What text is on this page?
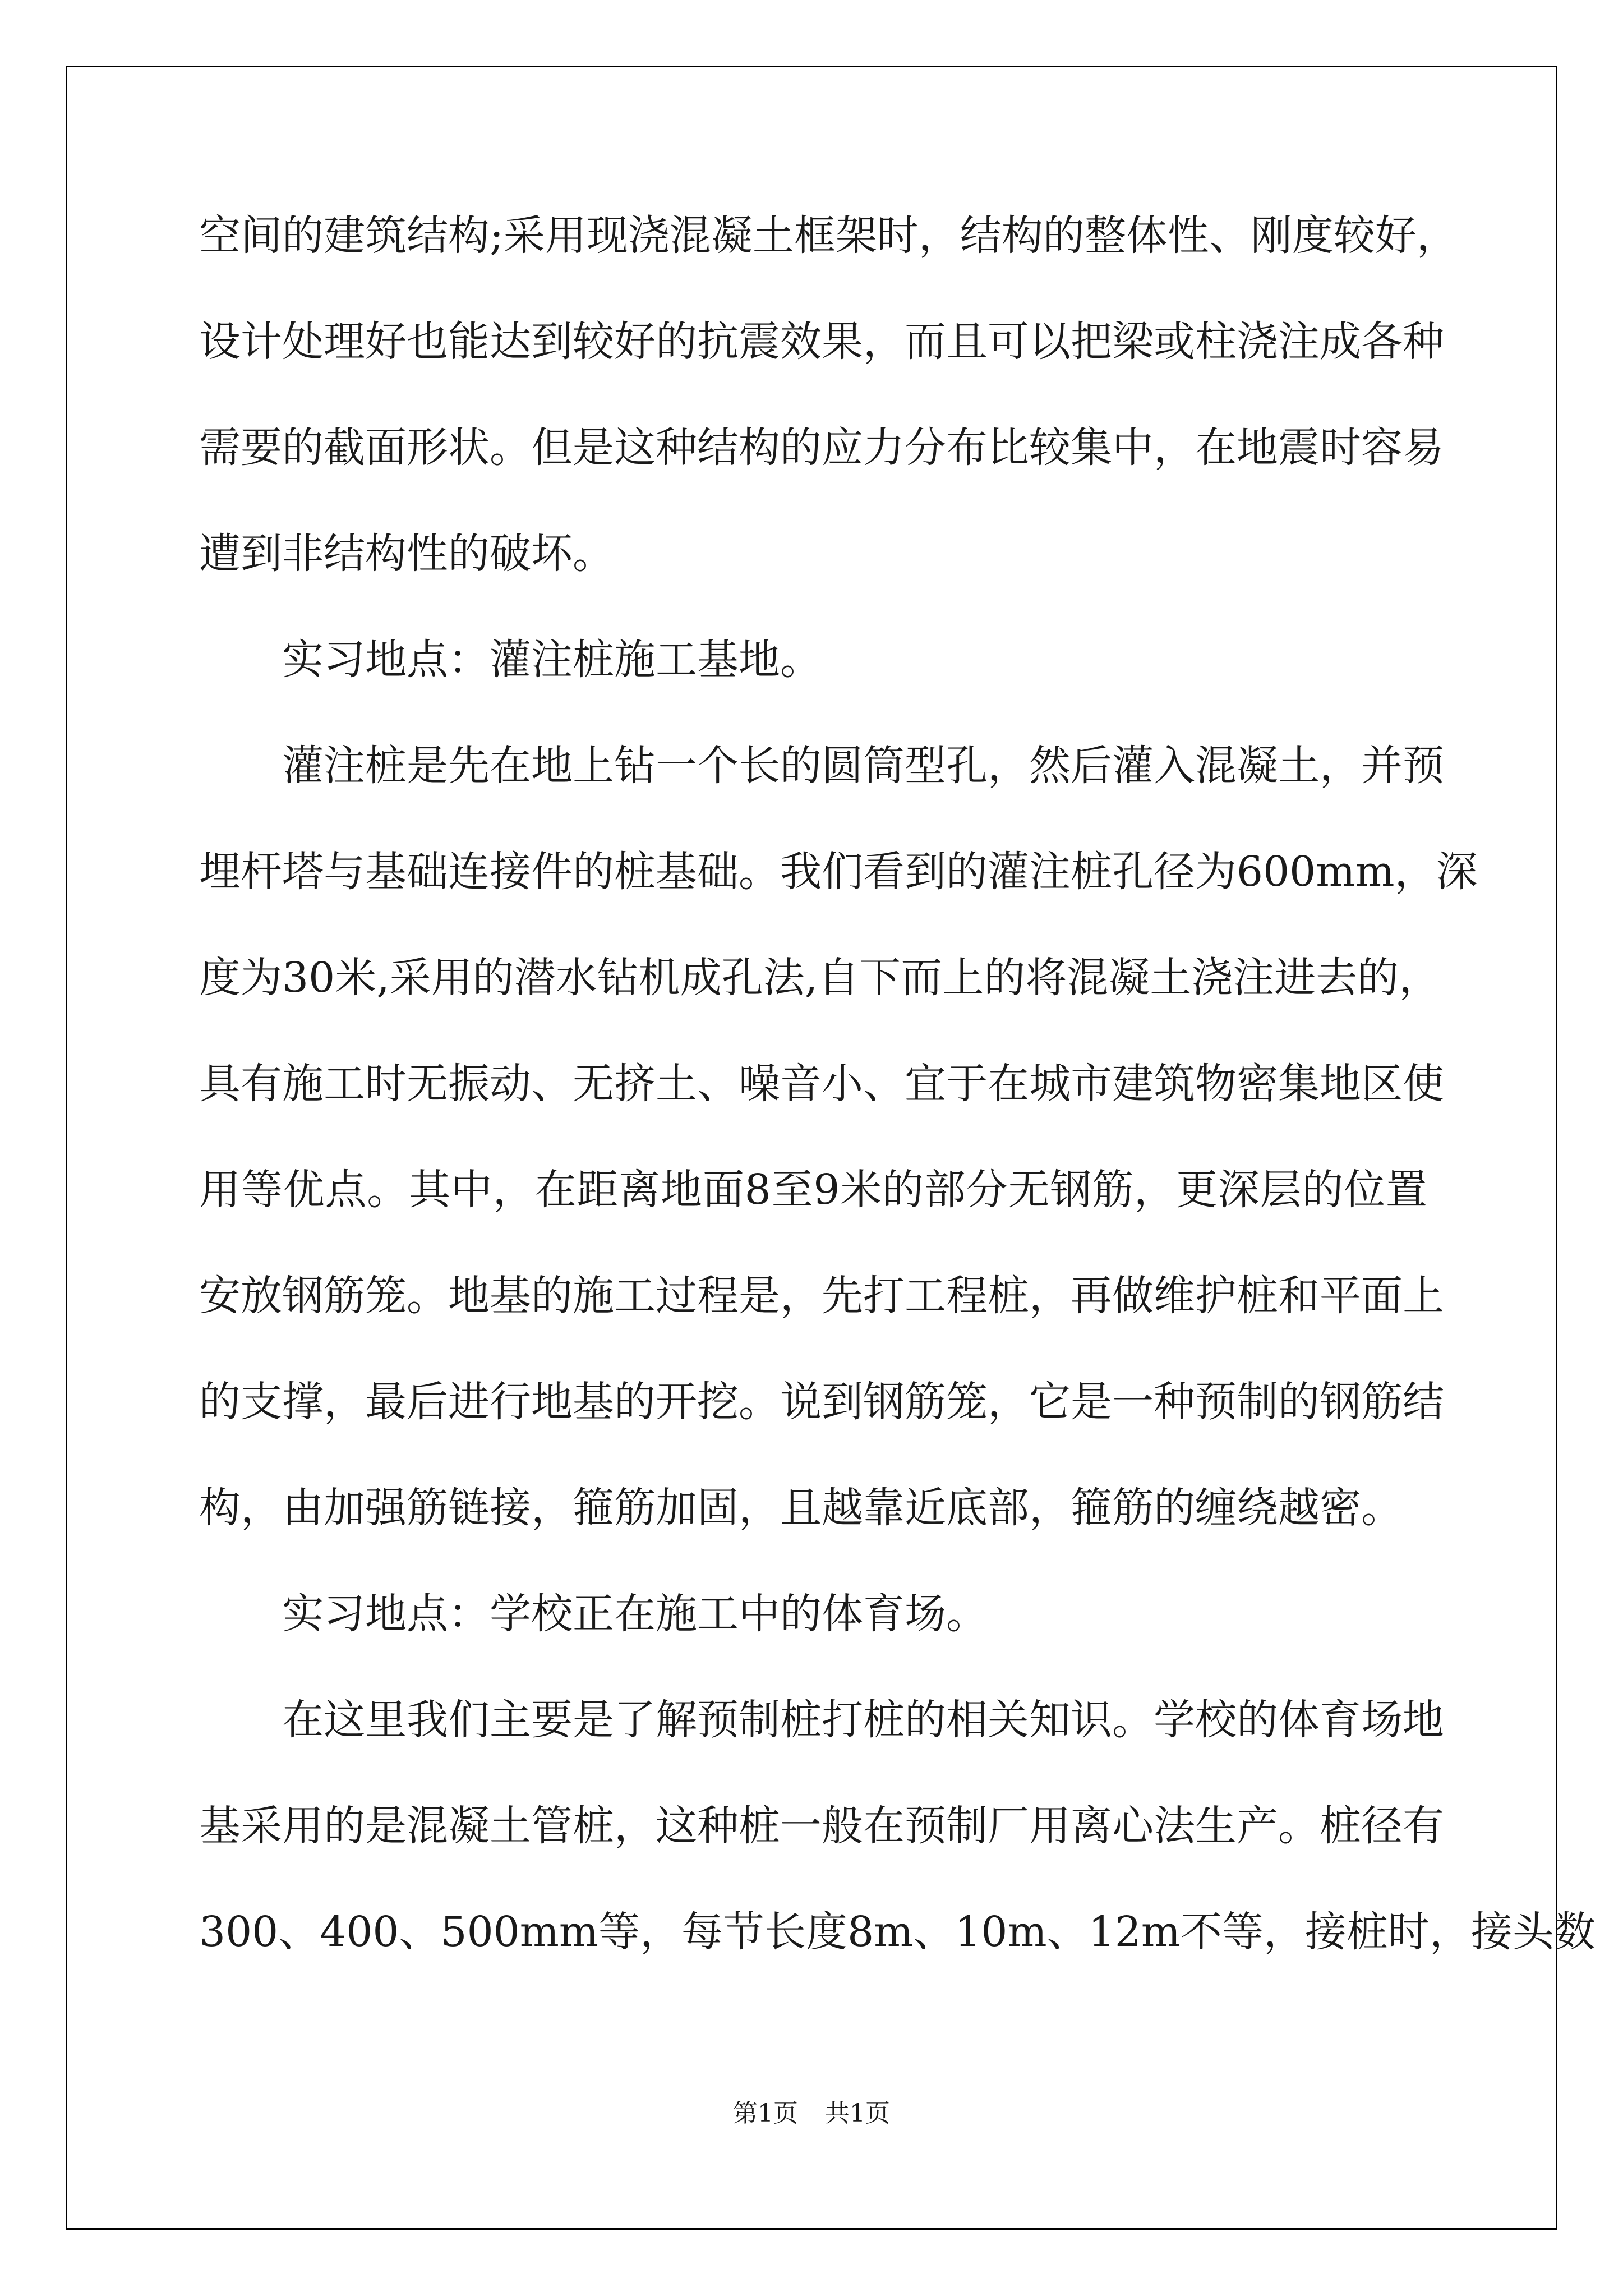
空间的建筑结构;采用现浇混凝土框架时，结构的整体性、刚度较好，
设计处理好也能达到较好的抗震效果，而且可以把梁或柱浇注成各种
需要的截面形状。但是这种结构的应力分布比较集中，在地震时容易
遭到非结构性的破坏。
实习地点：灌注桩施工基地。
灌注桩是先在地上钻一个长的圆筒型孔，然后灌入混凝土，并预
埋杆塔与基础连接件的桩基础。我们看到的灌注桩孔径为600mm，深
度为30米,采用的潜水钻机成孔法,自下而上的将混凝土浇注进去的，
具有施工时无振动、无挤土、噪音小、宜于在城市建筑物密集地区使
用等优点。其中，在距离地面8至9米的部分无钢筋，更深层的位置
安放钢筋笼。地基的施工过程是，先打工程桩，再做维护桩和平面上
的支撑，最后进行地基的开挖。说到钢筋笼，它是一种预制的钢筋结
构，由加强筋链接，箍筋加固，且越靠近底部，箍筋的缠绕越密。
实习地点：学校正在施工中的体育场。
在这里我们主要是了解预制桩打桩的相关知识。学校的体育场地
基采用的是混凝土管桩，这种桩一般在预制厂用离心法生产。桩径有
300、400、500mm等，每节长度8m、10m、12m不等，接桩时，接头数
第1页 共1页
